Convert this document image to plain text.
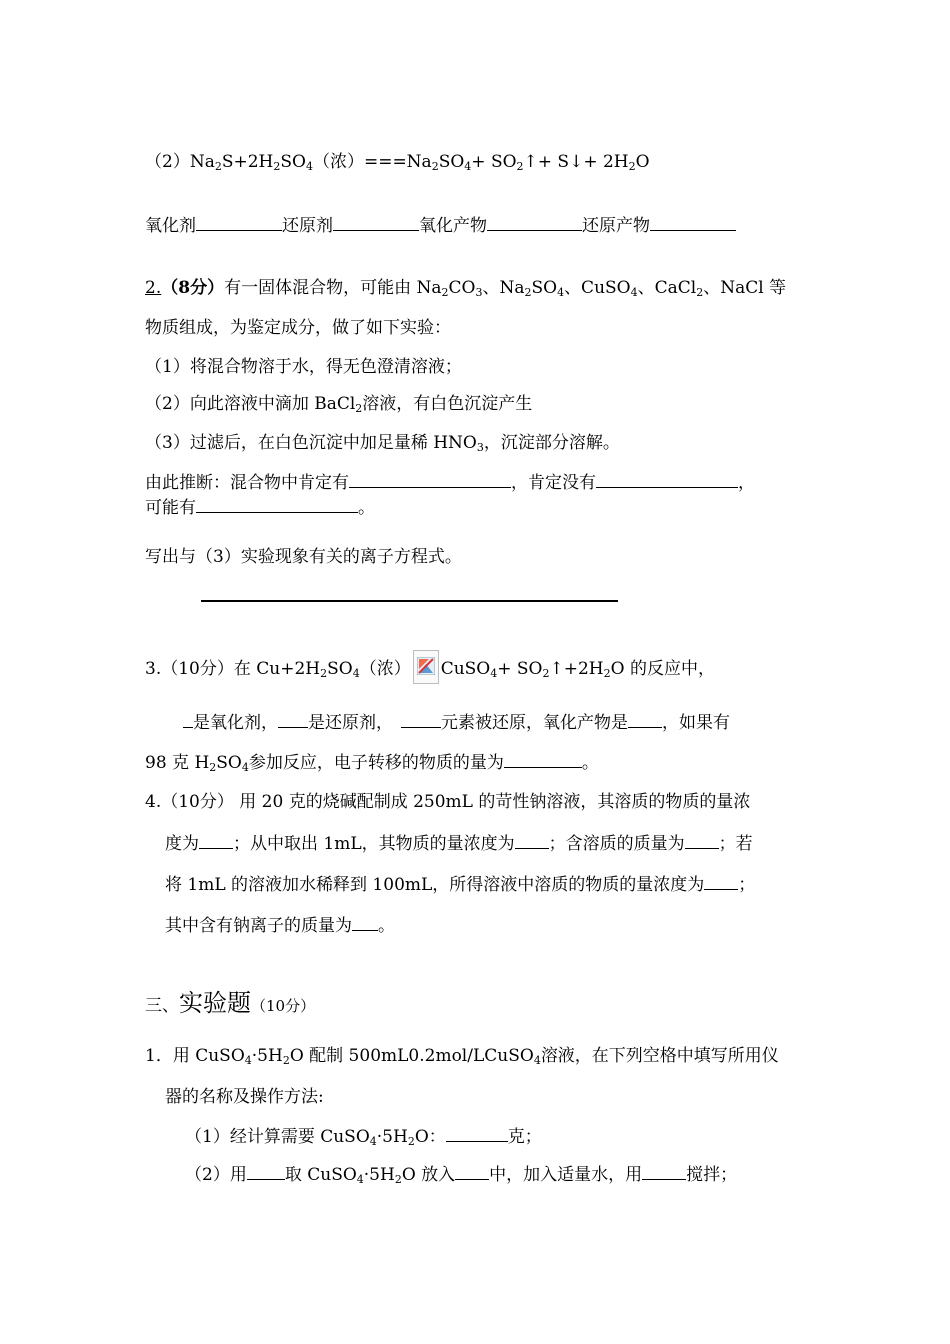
$(2)Na_2S+2H_2SO_4$（浓）$===Na_2SO_4+$ $SO_2↑+$ S↓+ $2H_2O$
氧化剂	还原剂	氧化产物	还原产物
2.（8分）有一固体混合物，可能由 $Na_2CO_3$、$Na_2SO_4$、CuSO$_4$、CaCl$_2$、NaCl 等
物质组成，为鉴定成分，做了如下实验：
（1）将混合物溶于水，得无色澄清溶液；
（2）向此溶液中滴加 BaCl$_2$溶液，有白色沉淀产生
（3）过滤后，在白色沉淀中加足量稀 $HNO_3$，沉淀部分溶解。
由此推断：混合物中肯定有	，肯定没有	，
可能有	。
写出与（3）实验现象有关的离子方程式。
3.（10分）在 $Cu+2H_2SO_4$（浓） CuSO$_4$+ $SO_2↑+2H_2O$ 的反应中，
是氧化剂， 是还原剂，	元素被还原，氧化产物是 ，如果有
98 克 $H_2SO_4$参加反应，电子转移的物质的量为	。
4.（10分） 用 20 克的烧碱配制成 250mL 的苛性钠溶液，其溶质的物质的量浓
度为 ；从中取出 1mL，其物质的量浓度为 ；含溶质的质量为 ；若
将 1mL 的溶液加水稀释到 100mL，所得溶液中溶质的物质的量浓度为 ；
其中含有钠离子的质量为 。
三、实验题（10分）
1．用 $CuSO_4\cdot 5H_2O$ 配制 500mL0.2mol/LCuSO$_4$溶液，在下列空格中填写所用仪
器的名称及操作方法:
（1）经计算需要 $CuSO_4\cdot 5H_2O$：	克；
（2）用 取 $CuSO_4\cdot 5H_2O$ 放入 中，加入适量水，用	搅拌；
